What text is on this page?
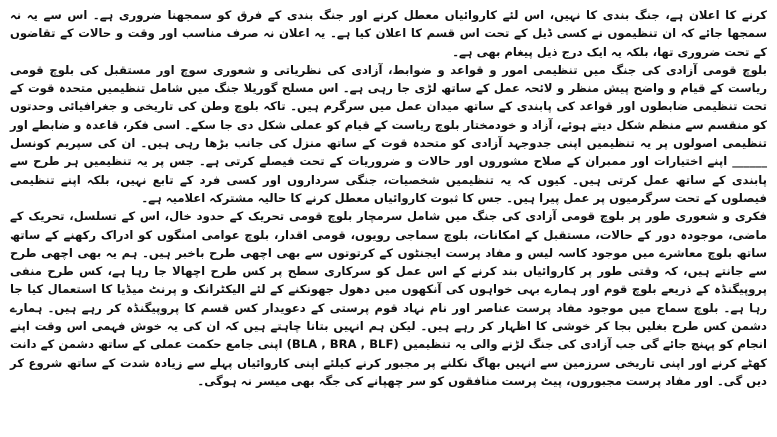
کرنے کا اعلان ہے، جنگ بندی کا نہیں، اس لئے کاروائیاں معطل کرنے اور جنگ بندی کے فرق کو سمجھنا ضروری ہے۔ اس سے یہ نہ سمجھا جائے کہ ان تنظیموں نے کسی ڈیل کے تحت اس قسم کا اعلان کیا ہے۔ یہ اعلان نہ صرف مناسب اور وقت و حالات کے تقاضوں کے تحت ضروری تھا، بلکہ یہ ایک درج ذیل پیغام بھی ہے۔

بلوچ قومی آزادی کی جنگ میں تنظیمی امور و قواعد و ضوابط، آزادی کی نظریاتی و شعوری سوچ اور مستقبل کی بلوچ قومی ریاست کے قیام و واضح پیش منظر و لائحہ عمل کے ساتھ لڑی جا رہی ہے۔ اس مسلح گوریلا جنگ میں شامل تنظیمیں متحدہ قوت کے تحت تنظیمی ضابطوں اور قواعد کی پابندی کے ساتھ میدان عمل میں سرگرم ہیں۔ تاکہ بلوچ وطن کی تاریخی و جغرافیائی وحدتوں کو منقسم سے منظم شکل دیتے ہوئے، آزاد و خودمختار بلوچ ریاست کے قیام کو عملی شکل دی جا سکے۔ اسی فکر، قاعدہ و ضابطے اور تنظیمی اصولوں پر یہ تنظیمیں اپنی جدوجہد آزادی کو متحدہ قوت کے ساتھ منزل کی جانب بڑھا رہی ہیں۔ ان کی سپریم کونسل ______ اپنے اختیارات اور ممبران کے صلاح مشوروں اور حالات و ضروریات کے تحت فیصلے کرتی ہے۔ جس پر یہ تنظیمیں ہر طرح سے پابندی کے ساتھ عمل کرتی ہیں۔ کیوں کہ یہ تنظیمیں شخصیات، جنگی سرداروں اور کسی فرد کے تابع نہیں، بلکہ اپنے تنظیمی فیصلوں کے تحت سرگرمیوں پر عمل پیرا ہیں۔ جس کا ثبوت کاروائیاں معطل کرنے کا حالیہ مشترکہ اعلامیہ ہے۔

فکری و شعوری طور پر بلوچ قومی آزادی کی جنگ میں شامل سرمچار بلوچ قومی تحریک کے حدود خال، اس کے تسلسل، تحریک کے ماضی، موجودہ دور کے حالات، مستقبل کے امکانات، بلوچ سماجی رویوں، قومی اقدار، بلوچ عوامی امنگوں کو ادراک رکھنے کے ساتھ ساتھ بلوچ معاشرے میں موجود کاسہ لیس و مفاد پرست ایجنٹوں کے کرتوتوں سے بھی اچھی طرح باخبر ہیں۔ ہم یہ بھی اچھی طرح سے جانتے ہیں، کہ وقتی طور پر کاروائیاں بند کرنے کے اس عمل کو سرکاری سطح پر کس طرح اچھالا جا رہا ہے، کس طرح منفی پروپیگنڈہ کے ذریعے بلوچ قوم اور ہمارے بہی خواہوں کی آنکھوں میں دھول جھونکنے کے لئے الیکٹرانک و پرنٹ میڈیا کا استعمال کیا جا رہا ہے۔ بلوچ سماج میں موجود مفاد پرست عناصر اور نام نہاد قوم پرستی کے دعویدار کس قسم کا پروپیگنڈہ کر رہے ہیں۔ ہمارے دشمن کس طرح بغلیں بجا کر خوشی کا اظہار کر رہے ہیں۔ لیکن ہم انہیں بتانا چاہتے ہیں کہ ان کی یہ خوش فہمی اس وقت اپنے انجام کو پہنچ جائے گی جب آزادی کی جنگ لڑنے والی یہ تنظیمیں (BLA , BRA , BLF) اپنی جامع حکمت عملی کے ساتھ دشمن کے دانت کھٹے کرنے اور اپنی تاریخی سرزمین سے انہیں بھاگ نکلنے پر مجبور کرنے کیلئے اپنی کاروائیاں پہلے سے زیادہ شدت کے ساتھ شروع کر دیں گی۔ اور مفاد پرست مجبوروں، پیٹ پرست منافقوں کو سر چھپانے کی جگہ بھی میسر نہ ہوگی۔
